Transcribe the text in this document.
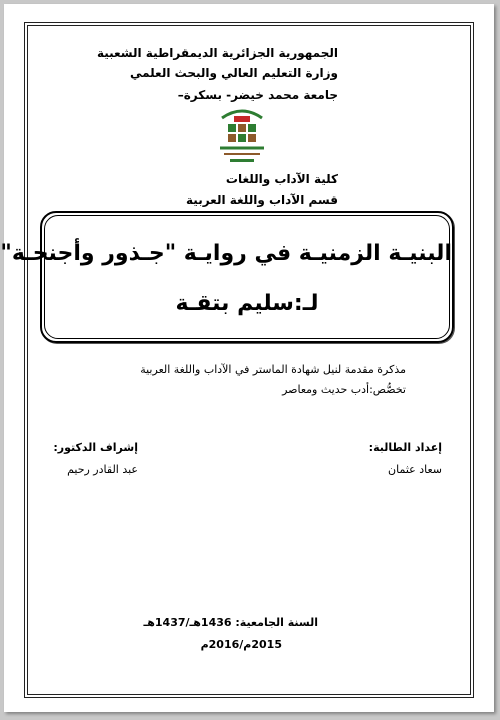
الجمهورية الجزائرية الديمقراطية الشعبية
وزارة التعليم العالي والبحث العلمي
جامعة محمد خيضر- بسكرة–
كلية الآداب واللغات
قسم الآداب واللغة العربية
البنيـة الزمنيـة في روايـة "جـذور وأجنحـة"
لـ:سليم بتقـة
مذكرة مقدمة لنيل شهادة الماستر في الآداب واللغة العربية
تخصُّص:أدب حديث ومعاصر
إعداد الطالبة:
سعاد عثمان
إشراف الدكتور:
عبد القادر رحيم
السنة الجامعية: 1436هـ/1437هـ
2015م/2016م
